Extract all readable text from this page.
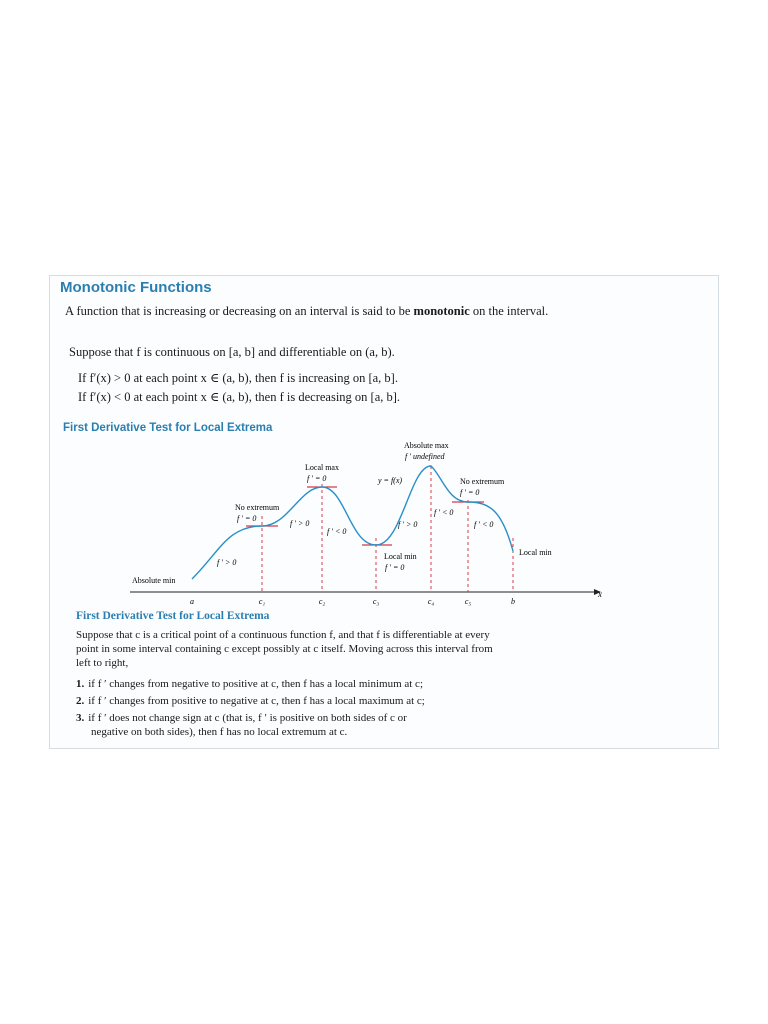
Monotonic Functions
A function that is increasing or decreasing on an interval is said to be monotonic on the interval.
Suppose that f is continuous on [a, b] and differentiable on (a, b).
If f′(x) > 0 at each point x ∈ (a, b), then f is increasing on [a, b].
If f′(x) < 0 at each point x ∈ (a, b), then f is decreasing on [a, b].
First Derivative Test for Local Extrema
x
a	c₁	c₂	c₃	c₄	c₅	b
Absolute min
No extremum
f ′ = 0
f ′ > 0
Local max
f ′ = 0
f ′ > 0
f ′ < 0
Absolute max
f ′ undefined
y = f(x)
f ′ > 0
f ′ < 0
No extremum
f ′ = 0
f ′ < 0
Local min
f ′ = 0
Local min
First Derivative Test for Local Extrema
Suppose that c is a critical point of a continuous function f, and that f is differentiable at every point in some interval containing c except possibly at c itself. Moving across this interval from left to right,
1. if f ′ changes from negative to positive at c, then f has a local minimum at c;
2. if f ′ changes from positive to negative at c, then f has a local maximum at c;
3. if f ′ does not change sign at c (that is, f ′ is positive on both sides of c or
negative on both sides), then f has no local extremum at c.
